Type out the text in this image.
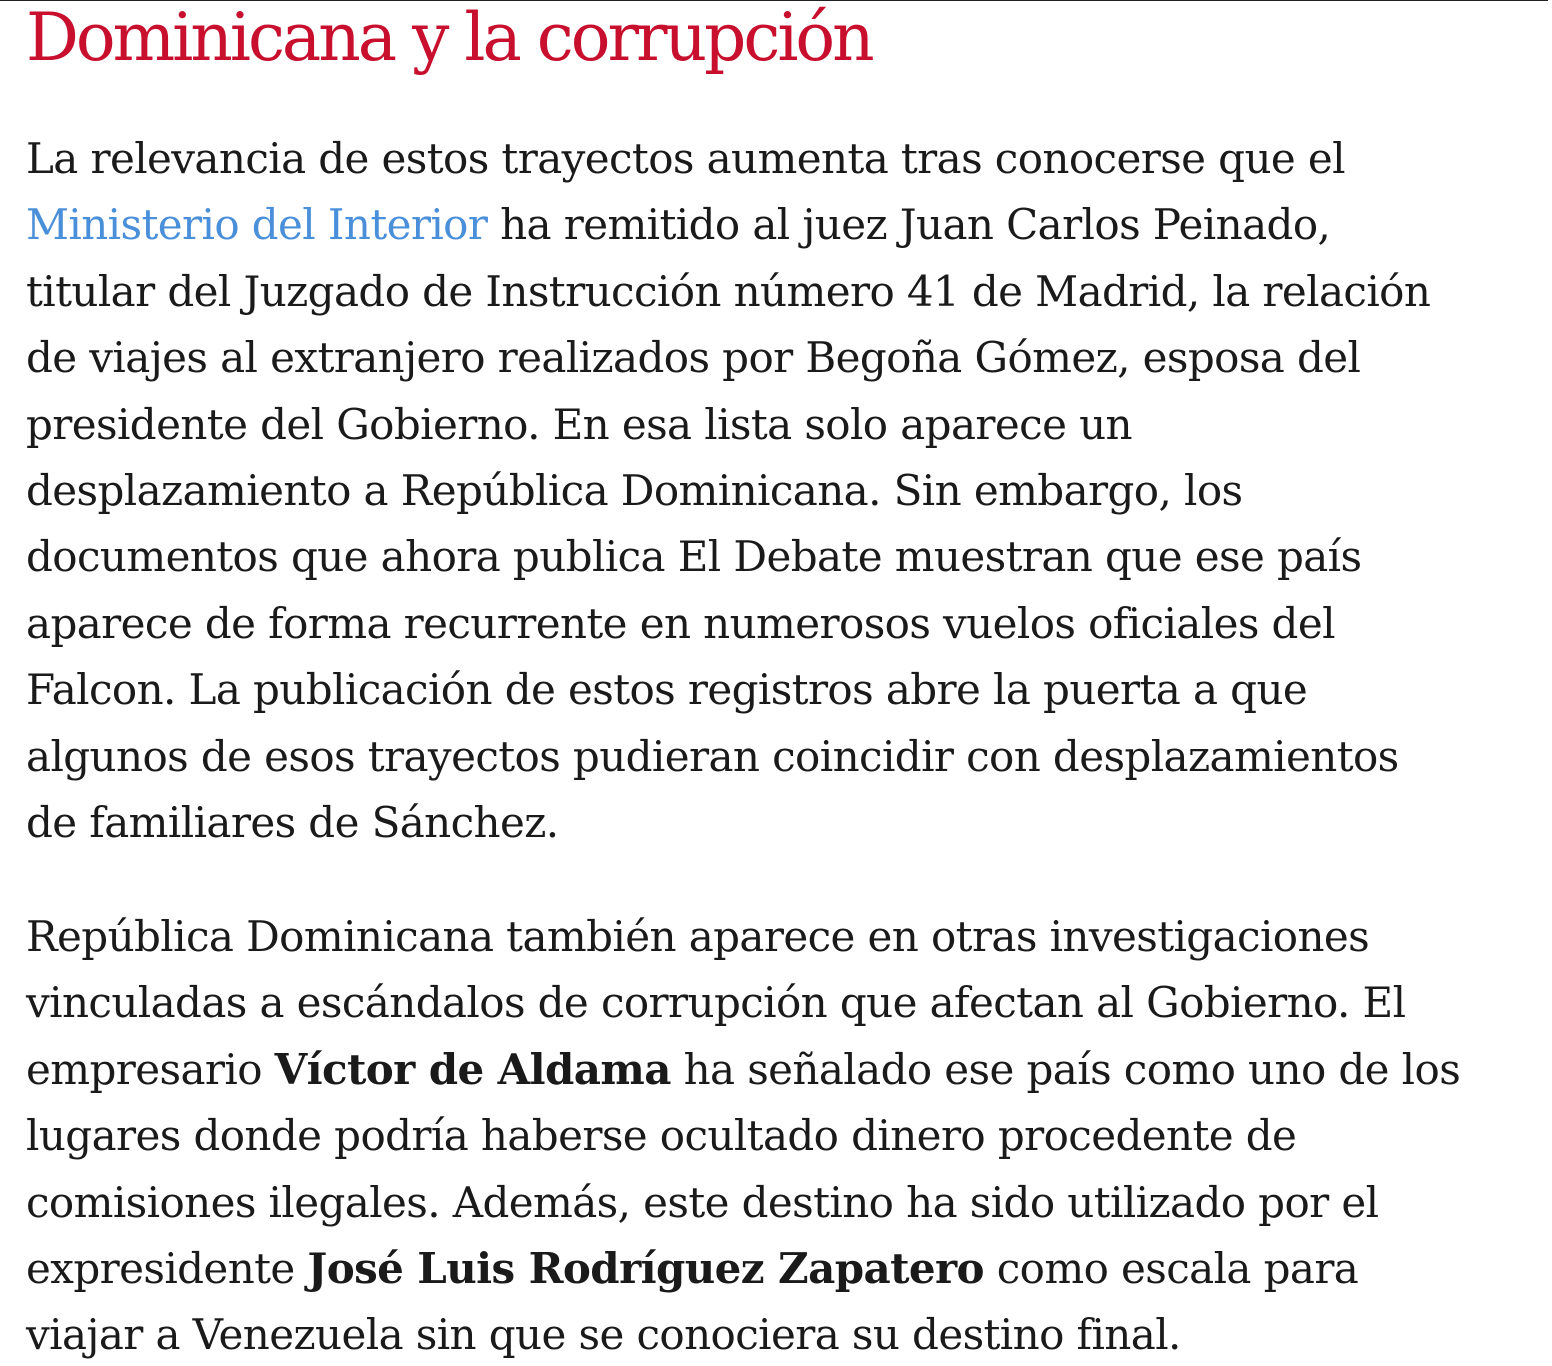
Dominicana y la corrupción

La relevancia de estos trayectos aumenta tras conocerse que el
Ministerio del Interior ha remitido al juez Juan Carlos Peinado,
titular del Juzgado de Instrucción número 41 de Madrid, la relación
de viajes al extranjero realizados por Begoña Gómez, esposa del
presidente del Gobierno. En esa lista solo aparece un
desplazamiento a República Dominicana. Sin embargo, los
documentos que ahora publica El Debate muestran que ese país
aparece de forma recurrente en numerosos vuelos oficiales del
Falcon. La publicación de estos registros abre la puerta a que
algunos de esos trayectos pudieran coincidir con desplazamientos
de familiares de Sánchez.

República Dominicana también aparece en otras investigaciones
vinculadas a escándalos de corrupción que afectan al Gobierno. El
empresario Víctor de Aldama ha señalado ese país como uno de los
lugares donde podría haberse ocultado dinero procedente de
comisiones ilegales. Además, este destino ha sido utilizado por el
expresidente José Luis Rodríguez Zapatero como escala para
viajar a Venezuela sin que se conociera su destino final.
